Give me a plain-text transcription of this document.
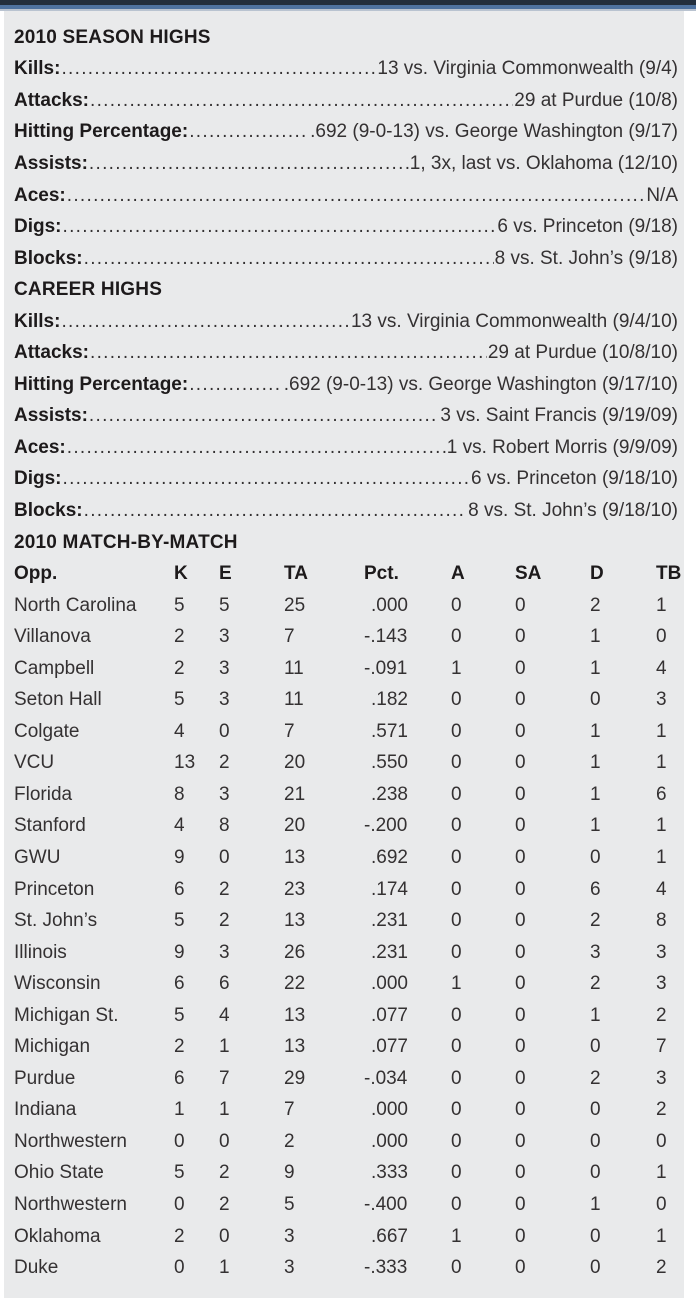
2010 SEASON HIGHS
Kills: .....	13 vs. Virginia Commonwealth (9/4)
Attacks: .....	29 at Purdue (10/8)
Hitting Percentage: .....	.692 (9-0-13) vs. George Washington (9/17)
Assists: .....	1, 3x, last vs. Oklahoma (12/10)
Aces: .....	N/A
Digs: .....	6 vs. Princeton (9/18)
Blocks: .....	8 vs. St. John’s (9/18)
CAREER HIGHS
Kills: .....	13 vs. Virginia Commonwealth (9/4/10)
Attacks: .....	29 at Purdue (10/8/10)
Hitting Percentage: .....	.692 (9-0-13) vs. George Washington (9/17/10)
Assists: .....	3 vs. Saint Francis (9/19/09)
Aces: .....	1 vs. Robert Morris (9/9/09)
Digs: .....	6 vs. Princeton (9/18/10)
Blocks: .....	8 vs. St. John’s (9/18/10)
2010 MATCH-BY-MATCH
Opp.	K	E	TA	Pct.	A	SA	D	TB
North Carolina	5	5	25	.000	0	0	2	1
Villanova	2	3	7	-.143	0	0	1	0
Campbell	2	3	11	-.091	1	0	1	4
Seton Hall	5	3	11	.182	0	0	0	3
Colgate	4	0	7	.571	0	0	1	1
VCU	13	2	20	.550	0	0	1	1
Florida	8	3	21	.238	0	0	1	6
Stanford	4	8	20	-.200	0	0	1	1
GWU	9	0	13	.692	0	0	0	1
Princeton	6	2	23	.174	0	0	6	4
St. John’s	5	2	13	.231	0	0	2	8
Illinois	9	3	26	.231	0	0	3	3
Wisconsin	6	6	22	.000	1	0	2	3
Michigan St.	5	4	13	.077	0	0	1	2
Michigan	2	1	13	.077	0	0	0	7
Purdue	6	7	29	-.034	0	0	2	3
Indiana	1	1	7	.000	0	0	0	2
Northwestern	0	0	2	.000	0	0	0	0
Ohio State	5	2	9	.333	0	0	0	1
Northwestern	0	2	5	-.400	0	0	1	0
Oklahoma	2	0	3	.667	1	0	0	1
Duke	0	1	3	-.333	0	0	0	2
